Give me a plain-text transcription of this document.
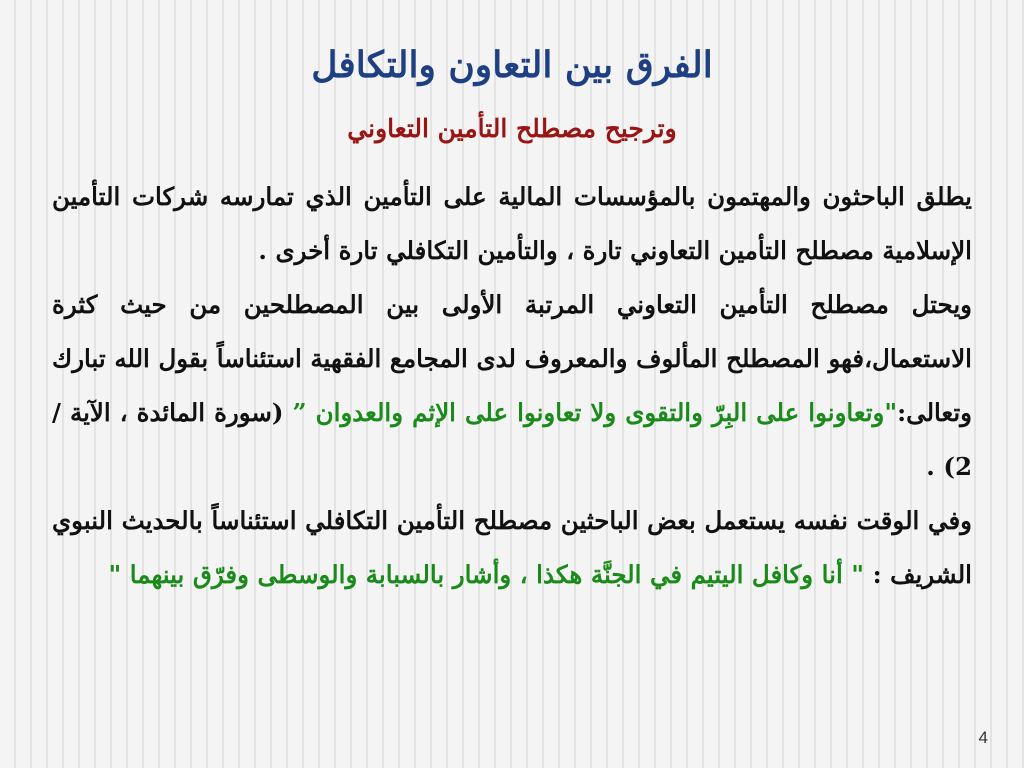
الفرق بين التعاون والتكافل
وترجيح مصطلح التأمين التعاوني

يطلق الباحثون والمهتمون بالمؤسسات المالية على التأمين الذي تمارسه شركات التأمين الإسلامية مصطلح التأمين التعاوني تارة ، والتأمين التكافلي تارة أخرى .

ويحتل مصطلح التأمين التعاوني المرتبة الأولى بين المصطلحين من حيث كثرة الاستعمال،فهو المصطلح المألوف والمعروف لدى المجامع الفقهية استئناساً بقول الله تبارك وتعالى:"وتعاونوا على البِرّ والتقوى ولا تعاونوا على الإثم والعدوان ” (سورة المائدة ، الآية / 2) .

وفي الوقت نفسه يستعمل بعض الباحثين مصطلح التأمين التكافلي استئناساً بالحديث النبوي الشريف : " أنا وكافل اليتيم في الجنَّة هكذا ، وأشار بالسبابة والوسطى وفرّق بينهما "

4
